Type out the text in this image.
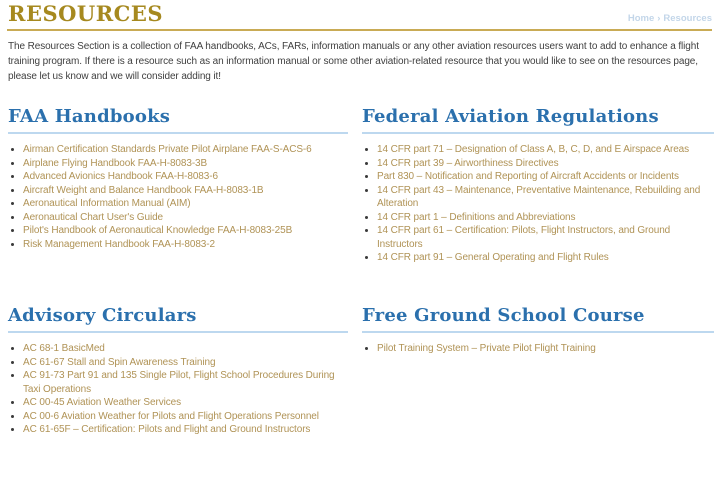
RESOURCES	Home › Resources

The Resources Section is a collection of FAA handbooks, ACs, FARs, information manuals or any other aviation resources users want to add to enhance a flight training program. If there is a resource such as an information manual or some other aviation-related resource that you would like to see on the resources page, please let us know and we will consider adding it!

FAA Handbooks
• Airman Certification Standards Private Pilot Airplane FAA-S-ACS-6
• Airplane Flying Handbook FAA-H-8083-3B
• Advanced Avionics Handbook FAA-H-8083-6
• Aircraft Weight and Balance Handbook FAA-H-8083-1B
• Aeronautical Information Manual (AIM)
• Aeronautical Chart User's Guide
• Pilot's Handbook of Aeronautical Knowledge FAA-H-8083-25B
• Risk Management Handbook FAA-H-8083-2
Federal Aviation Regulations
• 14 CFR part 71 – Designation of Class A, B, C, D, and E Airspace Areas
• 14 CFR part 39 – Airworthiness Directives
• Part 830 – Notification and Reporting of Aircraft Accidents or Incidents
• 14 CFR part 43 – Maintenance, Preventative Maintenance, Rebuilding and Alteration
• 14 CFR part 1 – Definitions and Abbreviations
• 14 CFR part 61 – Certification: Pilots, Flight Instructors, and Ground Instructors
• 14 CFR part 91 – General Operating and Flight Rules
Advisory Circulars
• AC 68-1 BasicMed
• AC 61-67 Stall and Spin Awareness Training
• AC 91-73 Part 91 and 135 Single Pilot, Flight School Procedures During Taxi Operations
• AC 00-45 Aviation Weather Services
• AC 00-6 Aviation Weather for Pilots and Flight Operations Personnel
• AC 61-65F – Certification: Pilots and Flight and Ground Instructors
Free Ground School Course
• Pilot Training System – Private Pilot Flight Training
